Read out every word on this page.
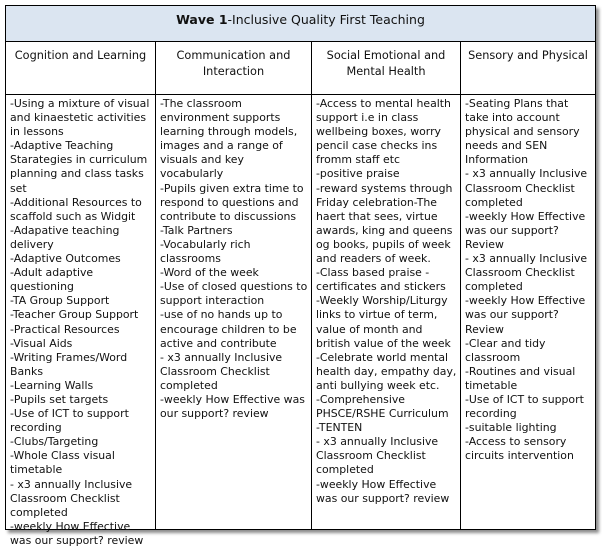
Wave 1-Inclusive Quality First Teaching
Cognition and Learning	Communication and Interaction
Social Emotional and Mental Health
Sensory and Physical
-Using a mixture of visual and kinaestetic activities in lessons
-Adaptive Teaching Starategies in curriculum planning and class tasks set
-Additional Resources to scaffold such as Widgit
-Adapative teaching delivery
-Adaptive Outcomes
-Adult adaptive questioning
-TA Group Support
-Teacher Group Support
-Practical Resources
-Visual Aids
-Writing Frames/Word Banks
-Learning Walls
-Pupils set targets
-Use of ICT to support recording
-Clubs/Targeting
-Whole Class visual timetable
- x3 annually Inclusive Classroom Checklist completed
-weekly How Effective was our support? review
-The classroom environment supports learning through models, images and a range of visuals and key vocabularly
-Pupils given extra time to respond to questions and contribute to discussions
-Talk Partners
-Vocabularly rich classrooms
-Word of the week
-Use of closed questions to support interaction
-use of no hands up to encourage children to be active and contribute
- x3 annually Inclusive Classroom Checklist completed
-weekly How Effective was our support? review
-Access to mental health support i.e in class wellbeing boxes, worry pencil case checks ins fromm staff etc
-positive praise
-reward systems through Friday celebration-The haert that sees, virtue awards, king and queens og books, pupils of week and readers of week.
-Class based praise - certificates and stickers
-Weekly Worship/Liturgy links to virtue of term, value of month and british value of the week
-Celebrate world mental health day, empathy day, anti bullying week etc.
-Comprehensive PHSCE/RSHE Curriculum
-TENTEN
- x3 annually Inclusive Classroom Checklist completed
-weekly How Effective was our support? review
-Seating Plans that take into account physical and sensory needs and SEN Information
- x3 annually Inclusive Classroom Checklist completed
-weekly How Effective was our support? Review
- x3 annually Inclusive Classroom Checklist completed
-weekly How Effective was our support? Review
-Clear and tidy classroom
-Routines and visual timetable
-Use of ICT to support recording
-suitable lighting
-Access to sensory circuits intervention
